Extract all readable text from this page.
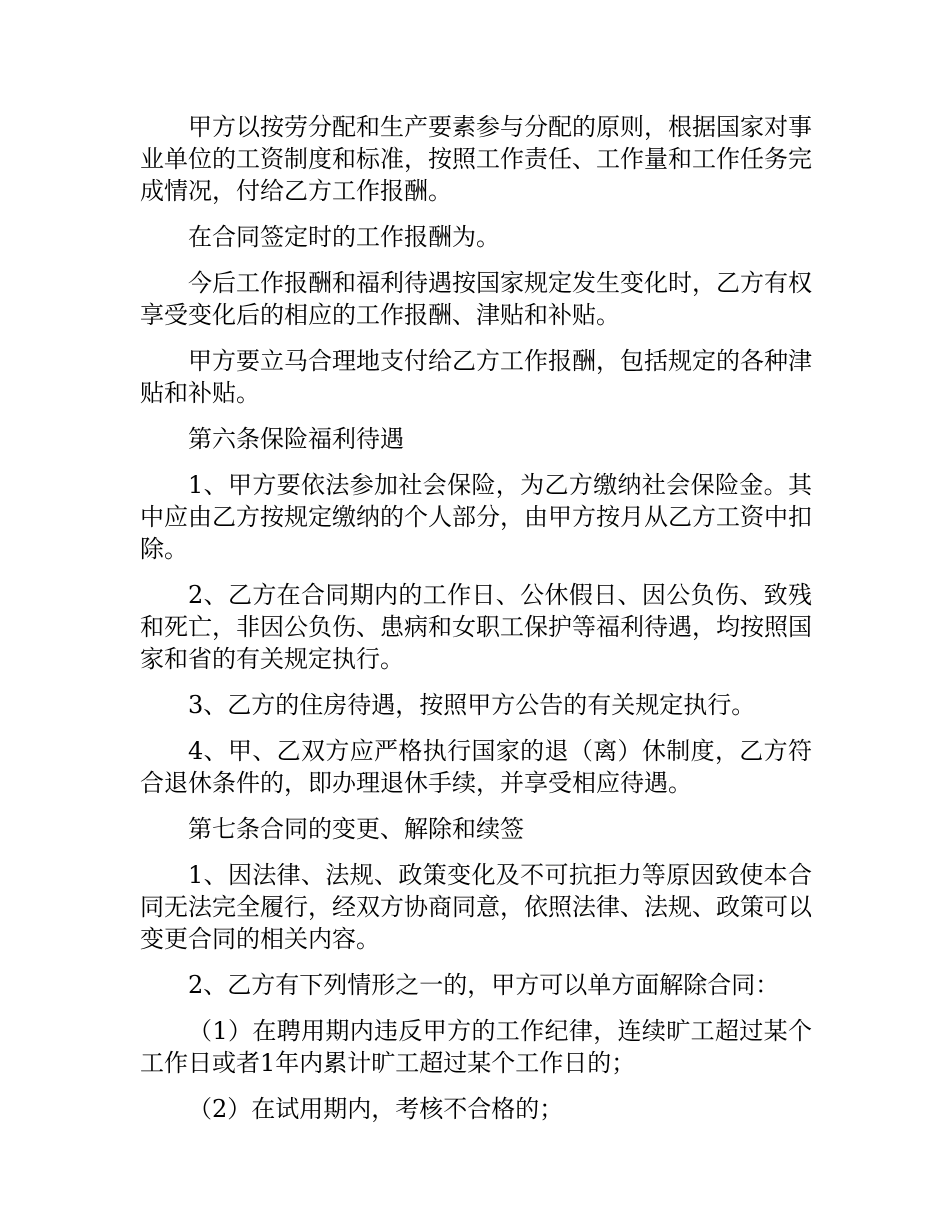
甲方以按劳分配和生产要素参与分配的原则，根据国家对事业单位的工资制度和标准，按照工作责任、工作量和工作任务完成情况，付给乙方工作报酬。

在合同签定时的工作报酬为。

今后工作报酬和福利待遇按国家规定发生变化时，乙方有权享受变化后的相应的工作报酬、津贴和补贴。

甲方要立马合理地支付给乙方工作报酬，包括规定的各种津贴和补贴。

第六条保险福利待遇

1、甲方要依法参加社会保险，为乙方缴纳社会保险金。其中应由乙方按规定缴纳的个人部分，由甲方按月从乙方工资中扣除。

2、乙方在合同期内的工作日、公休假日、因公负伤、致残和死亡，非因公负伤、患病和女职工保护等福利待遇，均按照国家和省的有关规定执行。

3、乙方的住房待遇，按照甲方公告的有关规定执行。

4、甲、乙双方应严格执行国家的退（离）休制度，乙方符合退休条件的，即办理退休手续，并享受相应待遇。

第七条合同的变更、解除和续签

1、因法律、法规、政策变化及不可抗拒力等原因致使本合同无法完全履行，经双方协商同意，依照法律、法规、政策可以变更合同的相关内容。

2、乙方有下列情形之一的，甲方可以单方面解除合同：

（1）在聘用期内违反甲方的工作纪律，连续旷工超过某个工作日或者1年内累计旷工超过某个工作日的；

（2）在试用期内，考核不合格的；
